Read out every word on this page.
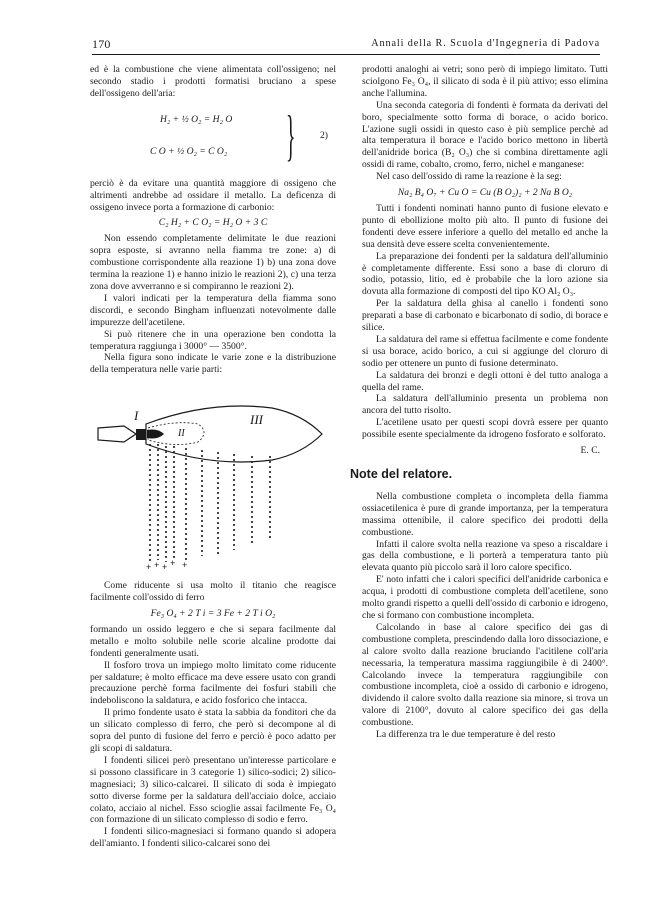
170	Annali della R. Scuola d'Ingegneria di Padova

ed è la combustione che viene alimentata coll'ossigeno; nel secondo stadio i prodotti formatisi bruciano a spese dell'ossigeno dell'aria:

H₂ + ½ O₂ = H₂ O
C O + ½ O₂ = C O₂ }	2)

perciò è da evitare una quantità maggiore di ossigeno che altrimenti andrebbe ad ossidare il metallo. La deficenza di ossigeno invece porta a formazione di carbonio:

C₂ H₂ + C O₂ = H₂ O + 3 C

Non essendo completamente delimitate le due reazioni sopra esposte, si avranno nella fiamma tre zone: a) di combustione corrispondente alla reazione 1) b) una zona dove termina la reazione 1) e hanno inizio le reazioni 2), c) una terza zona dove avverranno e si compiranno le reazioni 2).

I valori indicati per la temperatura della fiamma sono discordi, e secondo Bingham influenzati notevolmente dalle impurezze dell'acetilene.

Si può ritenere che in una operazione ben condotta la temperatura raggiunga i 3000° — 3500°.

Nella figura sono indicate le varie zone e la distribuzione della temperatura nelle varie parti:

I
II
III
+ + + + +

Come riducente si usa molto il titanio che reagisce facilmente coll'ossido di ferro

Fe₃ O₄ + 2 T i = 3 Fe + 2 T i O₂

formando un ossido leggero e che si separa facilmente dal metallo e molto solubile nelle scorie alcaline prodotte dai fondenti generalmente usati.

Il fosforo trova un impiego molto limitato come riducente per saldature; è molto efficace ma deve essere usato con grandi precauzione perchè forma facilmente dei fosfuri stabili che indeboliscono la saldatura, e acido fosforico che intacca.

Il primo fondente usato è stata la sabbia da fonditori che da un silicato complesso di ferro, che però si decompone al di sopra del punto di fusione del ferro e perciò è poco adatto per gli scopi di saldatura.

I fondenti silicei però presentano un'interesse particolare e si possono classificare in 3 categorie 1) silico-sodici; 2) silico-magnesiaci; 3) silico-calcarei. Il silicato di soda è impiegato sotto diverse forme per la saldatura dell'acciaio dolce, acciaio colato, acciaio al nichel. Esso scioglie assai facilmente Fe₃ O₄ con formazione di un silicato complesso di sodio e ferro.

I fondenti silico-magnesiaci si formano quando si adopera dell'amianto. I fondenti silico-calcarei sono dei

prodotti analoghi ai vetri; sono però di impiego limitato. Tutti sciolgono Fe₃ O₄, il silicato di soda è il più attivo; esso elimina anche l'allumina.

Una seconda categoria di fondenti è formata da derivati del boro, specialmente sotto forma di borace, o acido borico. L'azione sugli ossidi in questo caso è più semplice perchè ad alta temperatura il borace e l'acido borico mettono in libertà dell'anidride borica (B₂ O₃) che si combina direttamente agli ossidi di rame, cobalto, cromo, ferro, nichel e manganese:

Nel caso dell'ossido di rame la reazione è la seg:

Na₂ B₄ O₇ + Cu O = Cu (B O₂)₂ + 2 Na B O₂

Tutti i fondenti nominati hanno punto di fusione elevato e punto di ebollizione molto più alto. Il punto di fusione dei fondenti deve essere inferiore a quello del metallo ed anche la sua densità deve essere scelta convenientemente.

La preparazione dei fondenti per la saldatura dell'alluminio è completamente differente. Essi sono a base di cloruro di sodio, potassio, litio, ed è probabile che la loro azione sia dovuta alla formazione di composti del tipo KO Al₂ O₃.

Per la saldatura della ghisa al canello i fondenti sono preparati a base di carbonato e bicarbonato di sodio, di borace e silice.

La saldatura del rame si effettua facilmente e come fondente si usa borace, acido borico, a cui si aggiunge del cloruro di sodio per ottenere un punto di fusione determinato.

La saldatura dei bronzi e degli ottoni è del tutto analoga a quella del rame.

La saldatura dell'alluminio presenta un problema non ancora del tutto risolto.

L'acetilene usato per questi scopi dovrà essere per quanto possibile esente specialmente da idrogeno fosforato e solforato.

E. C.
Note del relatore.

Nella combustione completa o incompleta della fiamma ossiacetilenica è pure di grande importanza, per la temperatura massima ottenibile, il calore specifico dei prodotti della combustione.

Infatti il calore svolta nella reazione va speso a riscaldare i gas della combustione, e li porterà a temperatura tanto più elevata quanto più piccolo sarà il loro calore specifico.

E' noto infatti che i calori specifici dell'anidride carbonica e acqua, i prodotti di combustione completa dell'acetilene, sono molto grandi rispetto a quelli dell'ossido di carbonio e idrogeno, che si formano con combustione incompleta.

Calcolando in base al calore specifico dei gas di combustione completa, prescindendo dalla loro dissociazione, e al calore svolto dalla reazione bruciando l'acitilene coll'aria necessaria, la temperatura massima raggiungibile è di 2400°. Calcolando invece la temperatura raggiungibile con combustione incompleta, cioè a ossido di carbonio e idrogeno, dividendo il calore svolto dalla reazione sia minore, si trova un valore di 2100°, dovuto al calore specifico dei gas della combustione.

La differenza tra le due temperature è del resto
